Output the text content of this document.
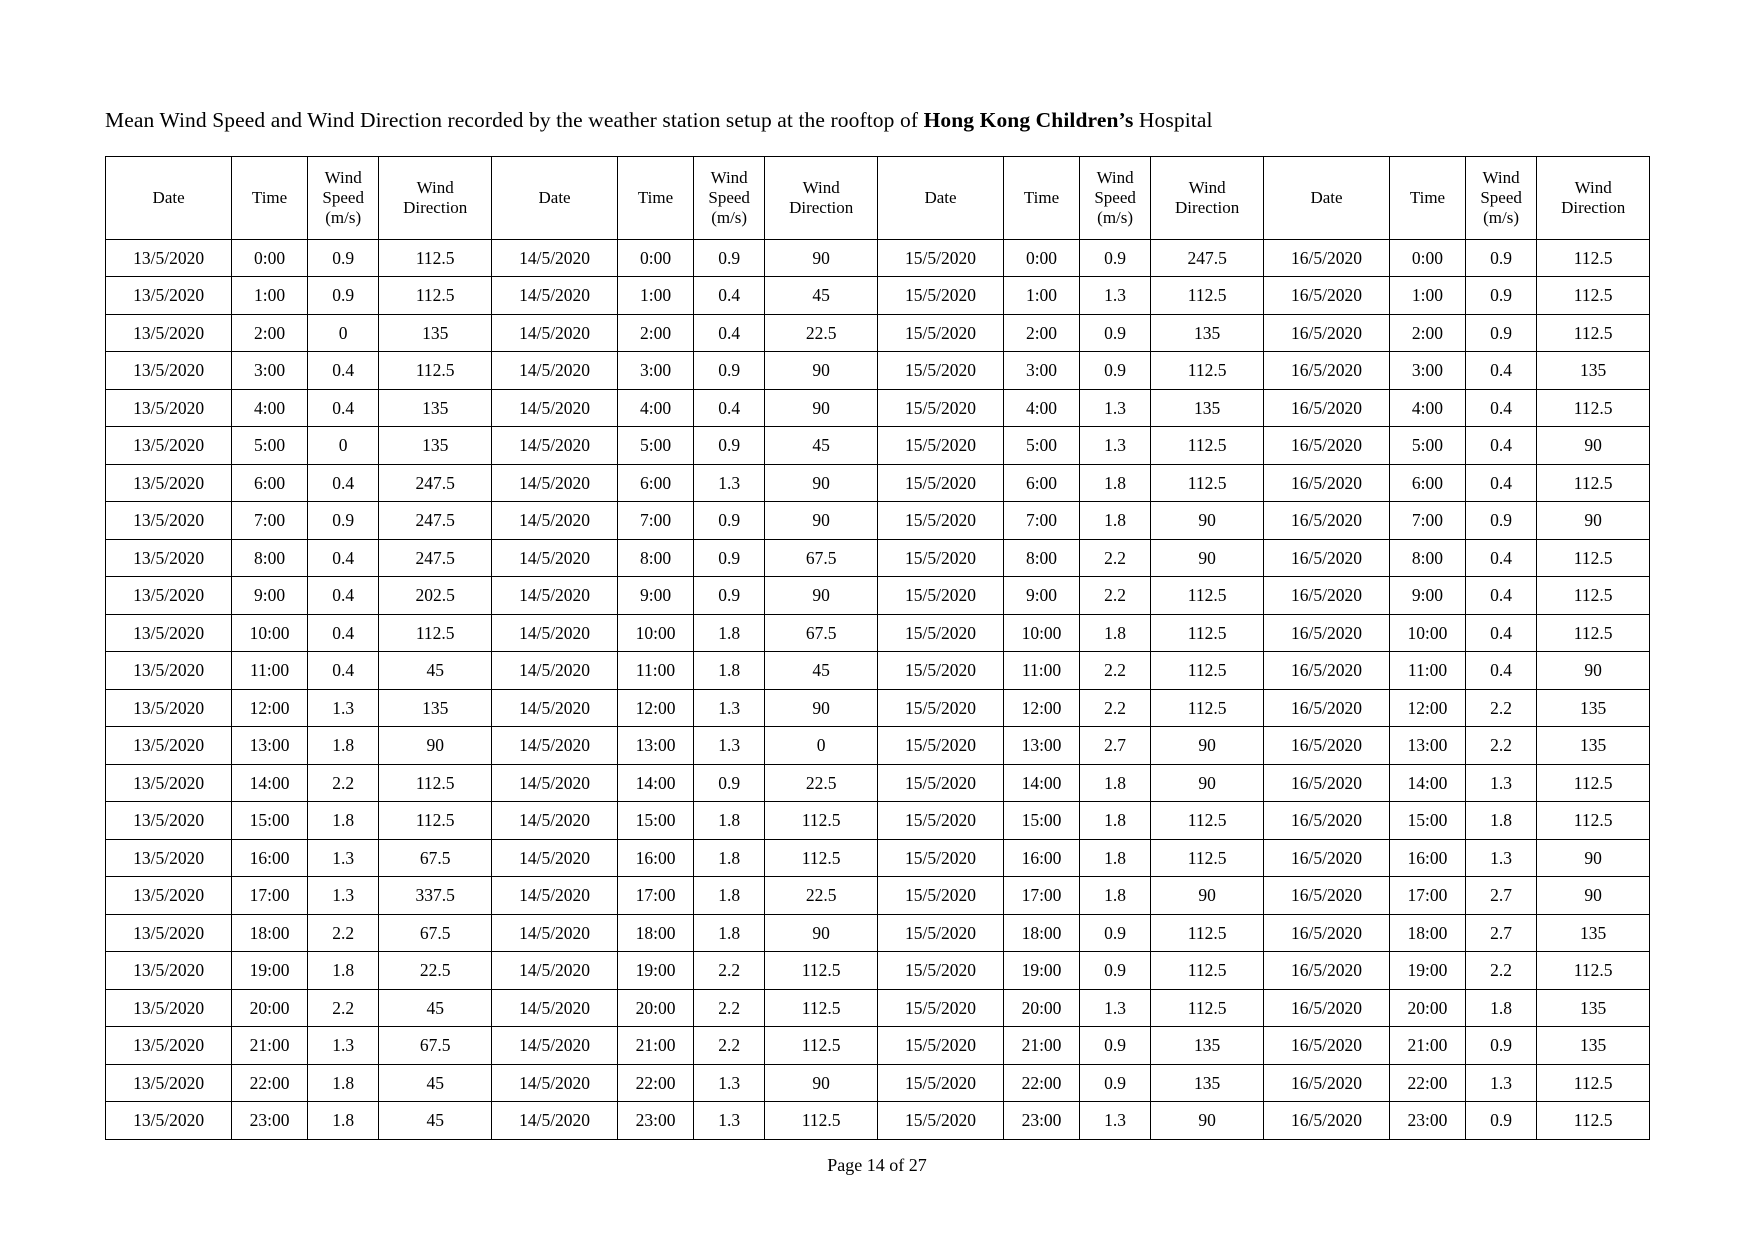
Mean Wind Speed and Wind Direction recorded by the weather station setup at the rooftop of Hong Kong Children’s Hospital
Date	Time	Wind
Speed
(m/s)	Wind
Direction	Date	Time	Wind
Speed
(m/s)	Wind
Direction	Date	Time	Wind
Speed
(m/s)	Wind
Direction	Date	Time	Wind
Speed
(m/s)	Wind
Direction

13/5/2020	0:00	0.9	112.5	14/5/2020	0:00	0.9	90	15/5/2020	0:00	0.9	247.5	16/5/2020	0:00	0.9	112.5
13/5/2020	1:00	0.9	112.5	14/5/2020	1:00	0.4	45	15/5/2020	1:00	1.3	112.5	16/5/2020	1:00	0.9	112.5
13/5/2020	2:00	0	135	14/5/2020	2:00	0.4	22.5	15/5/2020	2:00	0.9	135	16/5/2020	2:00	0.9	112.5
13/5/2020	3:00	0.4	112.5	14/5/2020	3:00	0.9	90	15/5/2020	3:00	0.9	112.5	16/5/2020	3:00	0.4	135
13/5/2020	4:00	0.4	135	14/5/2020	4:00	0.4	90	15/5/2020	4:00	1.3	135	16/5/2020	4:00	0.4	112.5
13/5/2020	5:00	0	135	14/5/2020	5:00	0.9	45	15/5/2020	5:00	1.3	112.5	16/5/2020	5:00	0.4	90
13/5/2020	6:00	0.4	247.5	14/5/2020	6:00	1.3	90	15/5/2020	6:00	1.8	112.5	16/5/2020	6:00	0.4	112.5
13/5/2020	7:00	0.9	247.5	14/5/2020	7:00	0.9	90	15/5/2020	7:00	1.8	90	16/5/2020	7:00	0.9	90
13/5/2020	8:00	0.4	247.5	14/5/2020	8:00	0.9	67.5	15/5/2020	8:00	2.2	90	16/5/2020	8:00	0.4	112.5
13/5/2020	9:00	0.4	202.5	14/5/2020	9:00	0.9	90	15/5/2020	9:00	2.2	112.5	16/5/2020	9:00	0.4	112.5
13/5/2020	10:00	0.4	112.5	14/5/2020	10:00	1.8	67.5	15/5/2020	10:00	1.8	112.5	16/5/2020	10:00	0.4	112.5
13/5/2020	11:00	0.4	45	14/5/2020	11:00	1.8	45	15/5/2020	11:00	2.2	112.5	16/5/2020	11:00	0.4	90
13/5/2020	12:00	1.3	135	14/5/2020	12:00	1.3	90	15/5/2020	12:00	2.2	112.5	16/5/2020	12:00	2.2	135
13/5/2020	13:00	1.8	90	14/5/2020	13:00	1.3	0	15/5/2020	13:00	2.7	90	16/5/2020	13:00	2.2	135
13/5/2020	14:00	2.2	112.5	14/5/2020	14:00	0.9	22.5	15/5/2020	14:00	1.8	90	16/5/2020	14:00	1.3	112.5
13/5/2020	15:00	1.8	112.5	14/5/2020	15:00	1.8	112.5	15/5/2020	15:00	1.8	112.5	16/5/2020	15:00	1.8	112.5
13/5/2020	16:00	1.3	67.5	14/5/2020	16:00	1.8	112.5	15/5/2020	16:00	1.8	112.5	16/5/2020	16:00	1.3	90
13/5/2020	17:00	1.3	337.5	14/5/2020	17:00	1.8	22.5	15/5/2020	17:00	1.8	90	16/5/2020	17:00	2.7	90
13/5/2020	18:00	2.2	67.5	14/5/2020	18:00	1.8	90	15/5/2020	18:00	0.9	112.5	16/5/2020	18:00	2.7	135
13/5/2020	19:00	1.8	22.5	14/5/2020	19:00	2.2	112.5	15/5/2020	19:00	0.9	112.5	16/5/2020	19:00	2.2	112.5
13/5/2020	20:00	2.2	45	14/5/2020	20:00	2.2	112.5	15/5/2020	20:00	1.3	112.5	16/5/2020	20:00	1.8	135
13/5/2020	21:00	1.3	67.5	14/5/2020	21:00	2.2	112.5	15/5/2020	21:00	0.9	135	16/5/2020	21:00	0.9	135
13/5/2020	22:00	1.8	45	14/5/2020	22:00	1.3	90	15/5/2020	22:00	0.9	135	16/5/2020	22:00	1.3	112.5
13/5/2020	23:00	1.8	45	14/5/2020	23:00	1.3	112.5	15/5/2020	23:00	1.3	90	16/5/2020	23:00	0.9	112.5
Page 14 of 27
